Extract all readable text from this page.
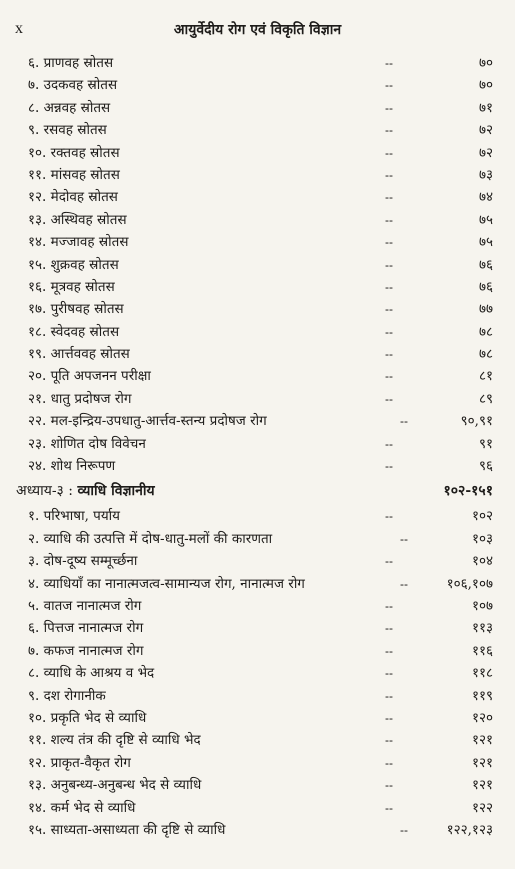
x	आयुर्वेदीय रोग एवं विकृति विज्ञान
६. प्राणवह स्रोतस	--	७०
७. उदकवह स्रोतस	--	७०
८. अन्नवह स्रोतस	--	७१
९. रसवह स्रोतस	--	७२
१०. रक्तवह स्रोतस	--	७२
११. मांसवह स्रोतस	--	७३
१२. मेदोवह स्रोतस	--	७४
१३. अस्थिवह स्रोतस	--	७५
१४. मज्जावह स्रोतस	--	७५
१५. शुक्रवह स्रोतस	--	७६
१६. मूत्रवह स्रोतस	--	७६
१७. पुरीषवह स्रोतस	--	७७
१८. स्वेदवह स्रोतस	--	७८
१९. आर्त्तववह स्रोतस	--	७८
२०. पूति अपजनन परीक्षा	--	८१
२१. धातु प्रदोषज रोग	--	८९
२२. मल-इन्द्रिय-उपधातु-आर्त्तव-स्तन्य प्रदोषज रोग	--	९०,९१
२३. शोणित दोष विवेचन	--	९१
२४. शोथ निरूपण	--	९६
अध्याय-३ : व्याधि विज्ञानीय	१०२-१५१
१. परिभाषा, पर्याय	--	१०२
२. व्याधि की उत्पत्ति में दोष-धातु-मलों की कारणता	--	१०३
३. दोष-दूष्य सम्मूर्च्छना	--	१०४
४. व्याधियाँ का नानात्मजत्व-सामान्यज रोग, नानात्मज रोग	--	१०६,१०७
५. वातज नानात्मज रोग	--	१०७
६. पित्तज नानात्मज रोग	--	११३
७. कफज नानात्मज रोग	--	११६
८. व्याधि के आश्रय व भेद	--	११८
९. दश रोगानीक	--	११९
१०. प्रकृति भेद से व्याधि	--	१२०
११. शल्य तंत्र की दृष्टि से व्याधि भेद	--	१२१
१२. प्राकृत-वैकृत रोग	--	१२१
१३. अनुबन्ध्य-अनुबन्ध भेद से व्याधि	--	१२१
१४. कर्म भेद से व्याधि	--	१२२
१५. साध्यता-असाध्यता की दृष्टि से व्याधि	--	१२२,१२३
